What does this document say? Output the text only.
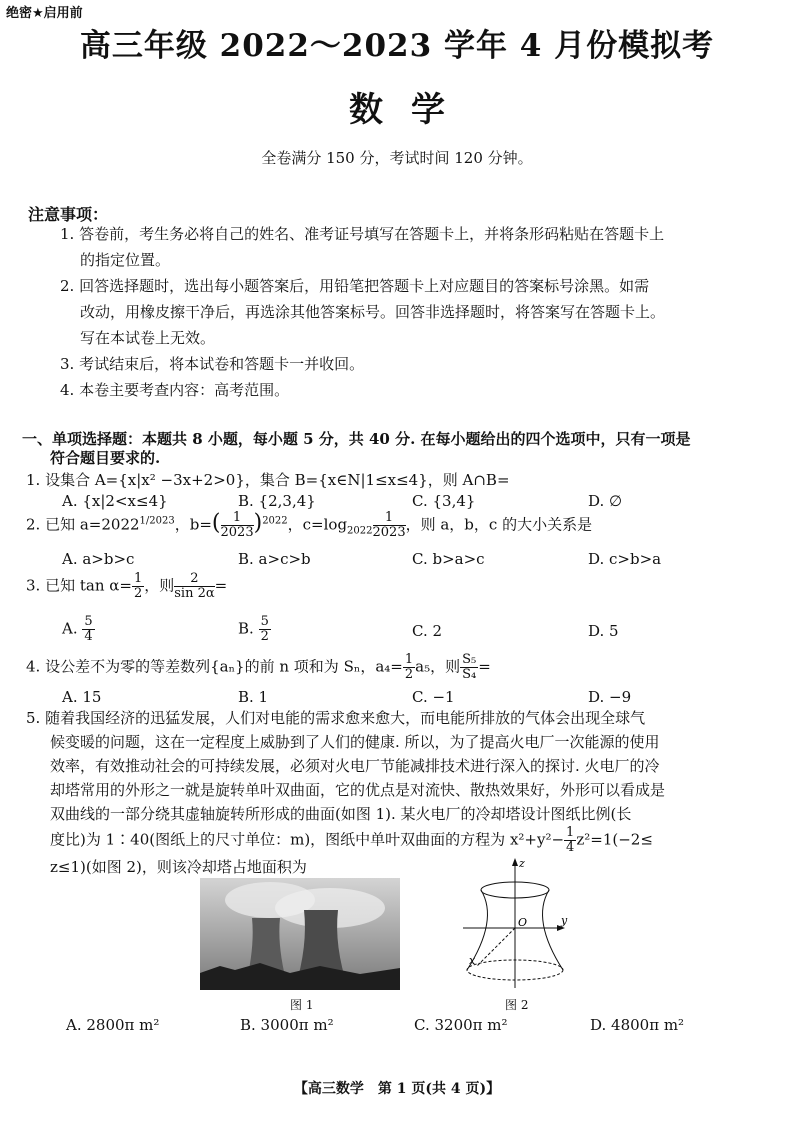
绝密★启用前
高三年级 2022～2023 学年 4 月份模拟考
数学
全卷满分 150 分，考试时间 120 分钟。
注意事项：
1. 答卷前，考生务必将自己的姓名、准考证号填写在答题卡上，并将条形码粘贴在答题卡上
的指定位置。
2. 回答选择题时，选出每小题答案后，用铅笔把答题卡上对应题目的答案标号涂黑。如需
改动，用橡皮擦干净后，再选涂其他答案标号。回答非选择题时，将答案写在答题卡上。
写在本试卷上无效。
3. 考试结束后，将本试卷和答题卡一并收回。
4. 本卷主要考查内容：高考范围。
一、单项选择题：本题共 8 小题，每小题 5 分，共 40 分. 在每小题给出的四个选项中，只有一项是
符合题目要求的.
1. 设集合 A={x|x² −3x+2>0}，集合 B={x∈N|1≤x≤4}，则 A∩B=
A. {x|2<x≤4}	B. {2,3,4}	C. {3,4}	D. ∅
2. 已知 $a=2022^{1/2023}$，$b=( \frac{1}{2023} )^{2022}$，$c=\log_{2022} \frac{1}{2023}$ ，则 a，b，c 的大小关系是
A. a>b>c	B. a>c>b	C. b>a>c	D. c>b>a
3. 已知 $\tan \alpha= \frac{1}{2}$ ，则 $\frac{2}{\sin 2\alpha}$ =
A. $\frac{5}{4}$	B. $\frac{5}{2}$	C. 2	D. 5
4. 设公差不为零的等差数列{aₙ}的前 n 项和为 Sₙ，$a_4= \frac{1}{2} a_5$，则 $\frac{\text{S₅}}{\text{S₄}}$ =
A. 15	B. 1	C. −1	D. −9
5. 随着我国经济的迅猛发展，人们对电能的需求愈来愈大，而电能所排放的气体会出现全球气
候变暖的问题，这在一定程度上威胁到了人们的健康. 所以，为了提高火电厂一次能源的使用
效率，有效推动社会的可持续发展，必须对火电厂节能减排技术进行深入的探讨. 火电厂的冷
却塔常用的外形之一就是旋转单叶双曲面，它的优点是对流快、散热效果好，外形可以看成是
双曲线的一部分绕其虚轴旋转所形成的曲面(如图 1). 某火电厂的冷却塔设计图纸比例(长
度比)为 1∶40(图纸上的尺寸单位：m)，图纸中单叶双曲面的方程为 $x^2+y^2- \frac{1}{4} z^2=1(-2\le$
z≤1)(如图 2)，则该冷却塔占地面积为
图 1
z
y
x
O
图 2
A. 2800π m²	B. 3000π m²	C. 3200π m²	D. 4800π m²
【高三数学　第 1 页(共 4 页)】
